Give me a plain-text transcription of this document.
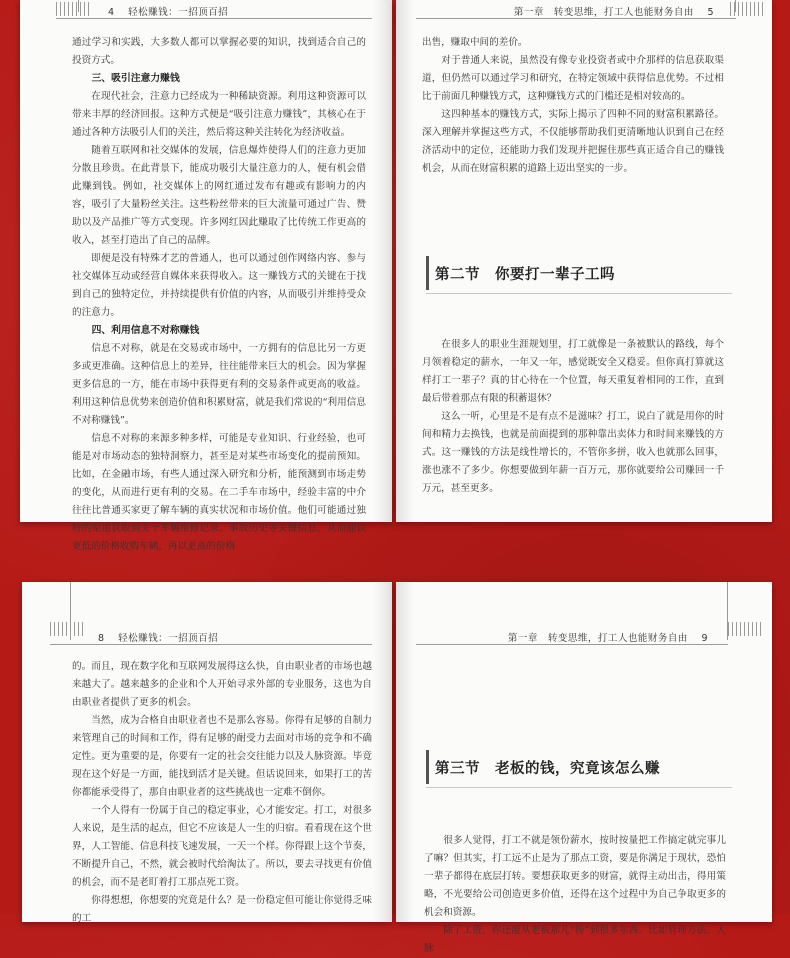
4 轻松赚钱：一招顶百招

通过学习和实践，大多数人都可以掌握必要的知识，找到适合自己的投资方式。

三、吸引注意力赚钱

在现代社会，注意力已经成为一种稀缺资源。利用这种资源可以带来丰厚的经济回报。这种方式便是“吸引注意力赚钱”，其核心在于通过各种方法吸引人们的关注，然后将这种关注转化为经济收益。

随着互联网和社交媒体的发展，信息爆炸使得人们的注意力更加分散且珍贵。在此背景下，能成功吸引大量注意力的人，便有机会借此赚到钱。例如，社交媒体上的网红通过发布有趣或有影响力的内容，吸引了大量粉丝关注。这些粉丝带来的巨大流量可通过广告、赞助以及产品推广等方式变现。许多网红因此赚取了比传统工作更高的收入，甚至打造出了自己的品牌。

即便是没有特殊才艺的普通人，也可以通过创作网络内容、参与社交媒体互动或经营自媒体来获得收入。这一赚钱方式的关键在于找到自己的独特定位，并持续提供有价值的内容，从而吸引并维持受众的注意力。

四、利用信息不对称赚钱

信息不对称，就是在交易或市场中，一方拥有的信息比另一方更多或更准确。这种信息上的差异，往往能带来巨大的机会。因为掌握更多信息的一方，能在市场中获得更有利的交易条件或更高的收益。利用这种信息优势来创造价值和积累财富，就是我们常说的“利用信息不对称赚钱”。

信息不对称的来源多种多样，可能是专业知识、行业经验，也可能是对市场动态的独特洞察力，甚至是对某些市场变化的提前预知。比如，在金融市场，有些人通过深入研究和分析，能预测到市场走势的变化，从而进行更有利的交易。在二手车市场中，经验丰富的中介往往比普通买家更了解车辆的真实状况和市场价值。他们可能通过独特的渠道获取到关于车辆维修记录、事故历史等关键信息，从而能以更低的价格收购车辆，再以更高的价格

第一章　转变思维，打工人也能财务自由 5

出售，赚取中间的差价。

对于普通人来说，虽然没有像专业投资者或中介那样的信息获取渠道，但仍然可以通过学习和研究，在特定领域中获得信息优势。不过相比于前面几种赚钱方式，这种赚钱方式的门槛还是相对较高的。

这四种基本的赚钱方式，实际上揭示了四种不同的财富积累路径。深入理解并掌握这些方式，不仅能够帮助我们更清晰地认识到自己在经济活动中的定位，还能助力我们发现并把握住那些真正适合自己的赚钱机会，从而在财富积累的道路上迈出坚实的一步。

第二节　你要打一辈子工吗

在很多人的职业生涯规划里，打工就像是一条被默认的路线，每个月领着稳定的薪水，一年又一年，感觉既安全又稳妥。但你真打算就这样打工一辈子？真的甘心待在一个位置，每天重复着相同的工作，直到最后带着那点有限的积蓄退休？

这么一听，心里是不是有点不是滋味？打工，说白了就是用你的时间和精力去换钱，也就是前面提到的那种靠出卖体力和时间来赚钱的方式。这一赚钱的方法是线性增长的，不管你多拼，收入也就那么回事，涨也涨不了多少。你想要做到年薪一百万元，那你就要给公司赚回一千万元，甚至更多。

8 轻松赚钱：一招顶百招

的。而且，现在数字化和互联网发展得这么快，自由职业者的市场也越来越大了。越来越多的企业和个人开始寻求外部的专业服务，这也为自由职业者提供了更多的机会。

当然，成为合格自由职业者也不是那么容易。你得有足够的自制力来管理自己的时间和工作，得有足够的耐受力去面对市场的竞争和不确定性。更为重要的是，你要有一定的社会交往能力以及人脉资源。毕竟现在这个好是一方面，能找到活才是关键。但话说回来，如果打工的苦你都能承受得了，那自由职业者的这些挑战也一定难不倒你。

一个人得有一份属于自己的稳定事业，心才能安定。打工，对很多人来说，是生活的起点，但它不应该是人一生的归宿。看看现在这个世界，人工智能、信息科技飞速发展，一天一个样。你得跟上这个节奏，不断提升自己，不然，就会被时代给淘汰了。所以，要去寻找更有价值的机会，而不是老盯着打工那点死工资。

你得想想，你想要的究竟是什么？是一份稳定但可能让你觉得乏味的工

第一章　转变思维，打工人也能财务自由 9
第三节　老板的钱，究竟该怎么赚

很多人觉得，打工不就是领份薪水，按时按量把工作搞定就完事儿了嘛？但其实，打工远不止是为了那点工资，要是你满足于现状，恐怕一辈子都得在底层打转。要想获取更多的财富，就得主动出击，得用策略，不光要给公司创造更多价值，还得在这个过程中为自己争取更多的机会和资源。

除了工资，你还能从老板那儿“捞”到很多东西。比如管理方法、人脉
